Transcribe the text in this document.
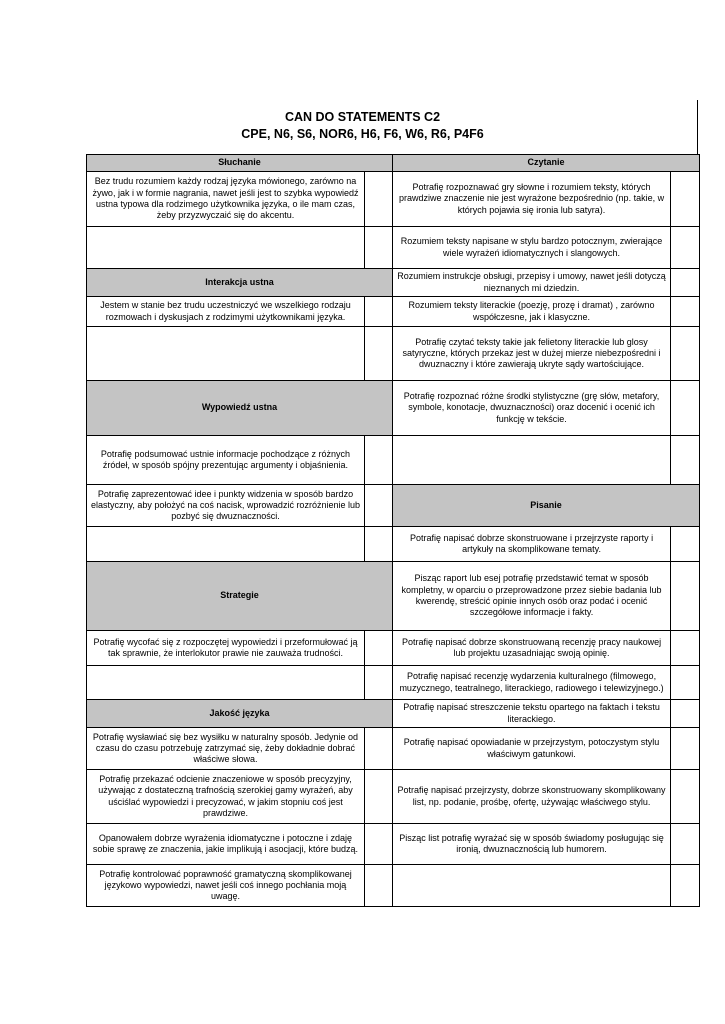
CAN DO STATEMENTS C2
CPE, N6, S6, NOR6, H6, F6, W6, R6, P4F6
Słuchanie		Czytanie	
Bez trudu rozumiem każdy rodzaj języka mówionego, zarówno na żywo, jak i w formie nagrania, nawet jeśli jest to szybka wypowiedź ustna typowa dla rodzimego użytkownika języka, o ile mam czas, żeby przyzwyczaić się do akcentu.		Potrafię rozpoznawać gry słowne i rozumiem teksty, których prawdziwe znaczenie nie jest wyrażone bezpośrednio (np. takie, w których pojawia się ironia lub satyra).	
		Rozumiem teksty napisane w stylu bardzo potocznym, zwierające wiele wyrażeń idiomatycznych i slangowych.	
Interakcja ustna		Rozumiem instrukcje obsługi, przepisy i umowy, nawet jeśli dotyczą nieznanych mi dziedzin.	
Jestem w stanie bez trudu uczestniczyć we wszelkiego rodzaju rozmowach i dyskusjach z rodzimymi użytkownikami języka.		Rozumiem teksty literackie (poezję, prozę i dramat) , zarówno współczesne, jak i klasyczne.	
		Potrafię czytać teksty takie jak felietony literackie lub glosy satyryczne, których przekaz jest w dużej mierze niebezpośredni i dwuznaczny i które zawierają ukryte sądy wartościujące.	
Wypowiedź ustna		Potrafię rozpoznać różne środki stylistyczne (grę słów, metafory, symbole, konotacje, dwuznaczności) oraz docenić i ocenić ich funkcję w tekście.	
Potrafię podsumować ustnie informacje pochodzące z różnych źródeł, w sposób spójny prezentując argumenty i objaśnienia.			
Potrafię zaprezentować idee i punkty widzenia w sposób bardzo elastyczny, aby położyć na coś nacisk, wprowadzić rozróżnienie lub pozbyć się dwuznaczności.		Pisanie	
		Potrafię napisać dobrze skonstruowane i przejrzyste raporty i artykuły na skomplikowane tematy.	
Strategie		Pisząc raport lub esej potrafię przedstawić temat w sposób kompletny, w oparciu o przeprowadzone przez siebie badania lub kwerendę, streścić opinie innych osób oraz podać i ocenić szczegółowe informacje i fakty.	
Potrafię wycofać się z rozpoczętej wypowiedzi i przeformułować ją tak sprawnie, że interlokutor prawie nie zauważa trudności.		Potrafię napisać dobrze skonstruowaną recenzję pracy naukowej lub projektu uzasadniając swoją opinię.	
		Potrafię napisać recenzję wydarzenia kulturalnego (filmowego, muzycznego, teatralnego, literackiego, radiowego i telewizyjnego.)	
Jakość języka		Potrafię napisać streszczenie tekstu opartego na faktach i tekstu literackiego.	
Potrafię wysławiać się bez wysiłku w naturalny sposób. Jedynie od czasu do czasu potrzebuję zatrzymać się, żeby dokładnie dobrać właściwe słowa.		Potrafię napisać opowiadanie w przejrzystym, potoczystym stylu właściwym gatunkowi.	
Potrafię przekazać odcienie znaczeniowe w sposób precyzyjny, używając z dostateczną trafnością szerokiej gamy wyrażeń, aby uściślać wypowiedzi i precyzować, w jakim stopniu coś jest prawdziwe.		Potrafię napisać przejrzysty, dobrze skonstruowany skomplikowany list, np. podanie, prośbę, ofertę, używając właściwego stylu.	
Opanowałem dobrze wyrażenia idiomatyczne i potoczne i zdaję sobie sprawę ze znaczenia, jakie implikują i asocjacji, które budzą.		Pisząc list potrafię wyrażać się w sposób świadomy posługując się ironią, dwuznacznością lub humorem.	
Potrafię kontrolować poprawność gramatyczną skomplikowanej językowo wypowiedzi, nawet jeśli coś innego pochłania moją uwagę.			
